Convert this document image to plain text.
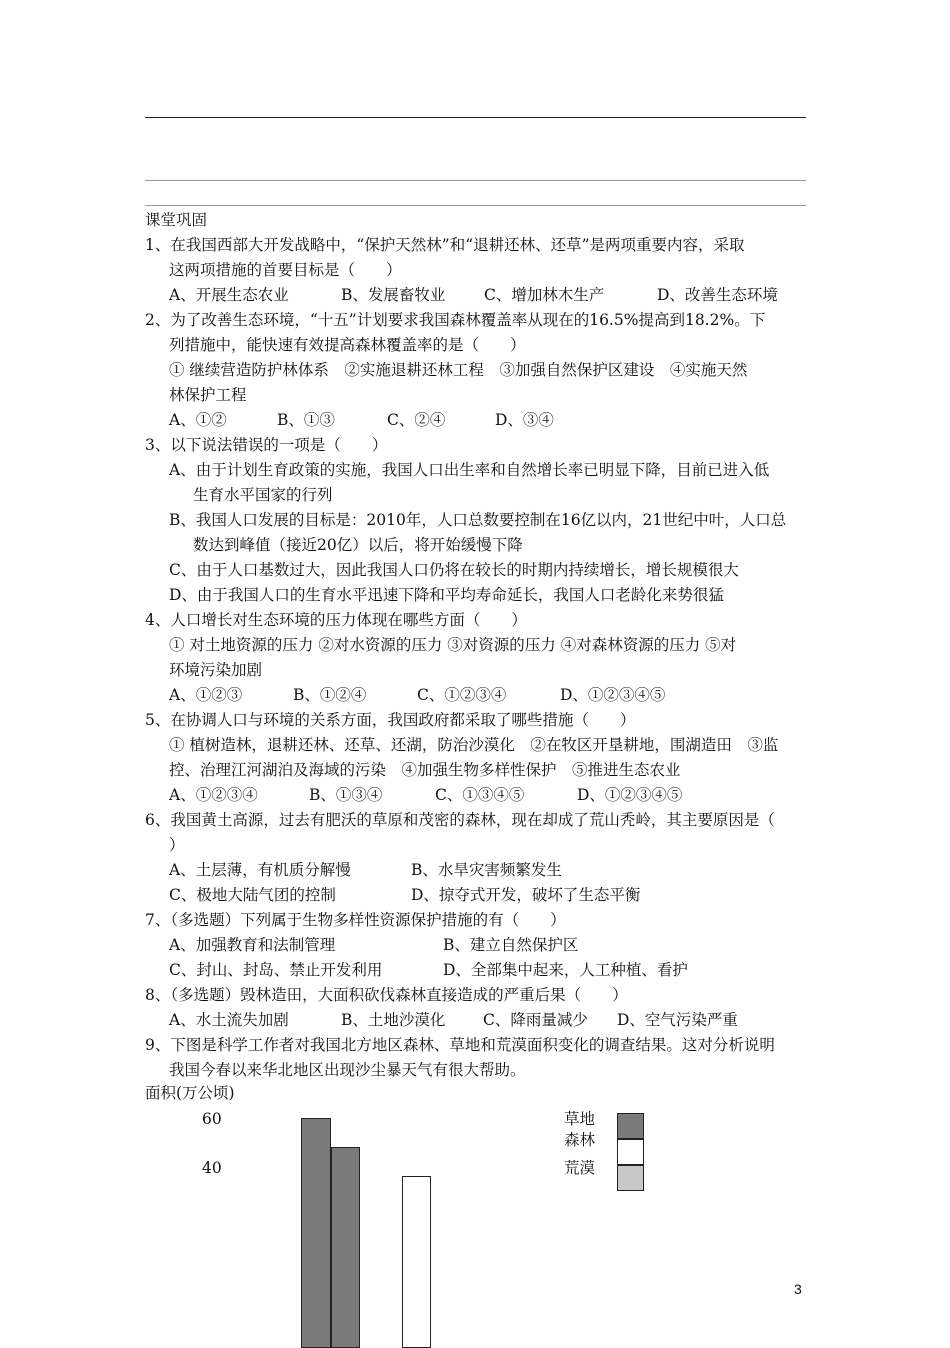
课堂巩固
1、在我国西部大开发战略中，“保护天然林”和“退耕还林、还草”是两项重要内容，采取
这两项措施的首要目标是（　　）
A、开展生态农业	B、发展畜牧业 C、增加林木生产	D、改善生态环境
2、为了改善生态环境，“十五”计划要求我国森林覆盖率从现在的16.5%提高到18.2%。下
列措施中，能快速有效提高森林覆盖率的是（　　）
① 继续营造防护林体系　②实施退耕还林工程　③加强自然保护区建设　④实施天然
林保护工程
A、①②	B、①③	C、②④	D、③④
3、以下说法错误的一项是（　　）
A、由于计划生育政策的实施，我国人口出生率和自然增长率已明显下降，目前已进入低
生育水平国家的行列
B、我国人口发展的目标是：2010年，人口总数要控制在16亿以内，21世纪中叶，人口总
数达到峰值（接近20亿）以后，将开始缓慢下降
C、由于人口基数过大，因此我国人口仍将在较长的时期内持续增长，增长规模很大
D、由于我国人口的生育水平迅速下降和平均寿命延长，我国人口老龄化来势很猛
4、人口增长对生态环境的压力体现在哪些方面（　　）
① 对土地资源的压力 ②对水资源的压力 ③对资源的压力 ④对森林资源的压力 ⑤对
环境污染加剧
A、①②③	B、①②④	C、①②③④	D、①②③④⑤
5、在协调人口与环境的关系方面，我国政府都采取了哪些措施（　　）
① 植树造林，退耕还林、还草、还湖，防治沙漠化　②在牧区开垦耕地，围湖造田　③监
控、治理江河湖泊及海域的污染　④加强生物多样性保护　⑤推进生态农业
A、①②③④	B、①③④	C、①③④⑤	D、①②③④⑤
6、我国黄土高源，过去有肥沃的草原和茂密的森林，现在却成了荒山秃岭，其主要原因是（
）
A、土层薄，有机质分解慢	B、水旱灾害频繁发生
C、极地大陆气团的控制	D、掠夺式开发，破坏了生态平衡
7、（多选题）下列属于生物多样性资源保护措施的有（　　）
A、加强教育和法制管理	B、建立自然保护区
C、封山、封岛、禁止开发利用	D、全部集中起来，人工种植、看护
8、（多选题）毁林造田，大面积砍伐森林直接造成的严重后果（　　）
A、水土流失加剧	B、土地沙漠化 C、降雨量减少 D、空气污染严重
9、下图是科学工作者对我国北方地区森林、草地和荒漠面积变化的调查结果。这对分析说明
我国今春以来华北地区出现沙尘暴天气有很大帮助。
面积(万公顷)
60
40
草地
森林
荒漠
3
